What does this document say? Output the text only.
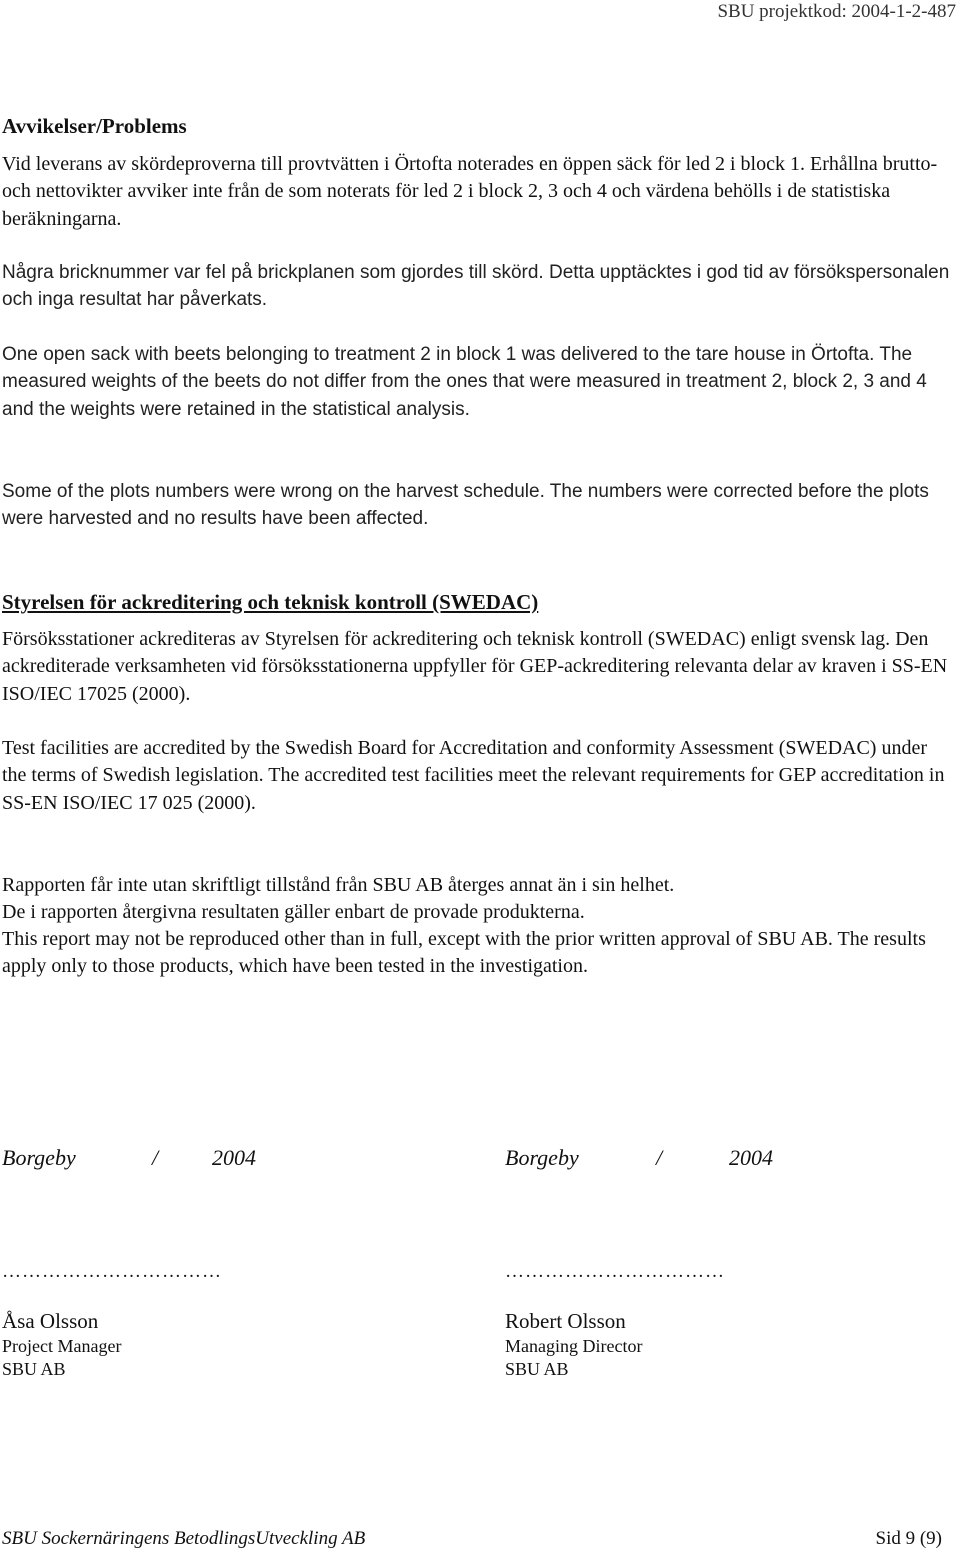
SBU projektkod: 2004-1-2-487
Avvikelser/Problems

Vid leverans av skördeproverna till provtvätten i Örtofta noterades en öppen säck för led 2 i block 1. Erhållna brutto- och nettovikter avviker inte från de som noterats för led 2 i block 2, 3 och 4 och värdena behölls i de statistiska beräkningarna.

Några bricknummer var fel på brickplanen som gjordes till skörd. Detta upptäcktes i god tid av försökspersonalen och inga resultat har påverkats.

One open sack with beets belonging to treatment 2 in block 1 was delivered to the tare house in Örtofta. The measured weights of the beets do not differ from the ones that were measured in treatment 2, block 2, 3 and 4 and the weights were retained in the statistical analysis.

Some of the plots numbers were wrong on the harvest schedule. The numbers were corrected before the plots were harvested and no results have been affected.

Styrelsen för ackreditering och teknisk kontroll (SWEDAC)

Försöksstationer ackrediteras av Styrelsen för ackreditering och teknisk kontroll (SWEDAC) enligt svensk lag. Den ackrediterade verksamheten vid försöksstationerna uppfyller för GEP-ackreditering relevanta delar av kraven i SS-EN ISO/IEC 17025 (2000).

Test facilities are accredited by the Swedish Board for Accreditation and conformity Assessment (SWEDAC) under the terms of Swedish legislation. The accredited test facilities meet the relevant requirements for GEP accreditation in SS-EN ISO/IEC 17 025 (2000).

Rapporten får inte utan skriftligt tillstånd från SBU AB återges annat än i sin helhet.

De i rapporten återgivna resultaten gäller enbart de provade produkterna.

This report may not be reproduced other than in full, except with the prior written approval of SBU AB. The results apply only to those products, which have been tested in the investigation.

Borgeby	/ 2004
……………………………
Åsa Olsson
Project Manager
SBU AB
Borgeby	/	2004
……………………………
Robert Olsson
Managing Director
SBU AB
SBU Sockernäringens BetodlingsUtveckling AB	Sid 9 (9)
